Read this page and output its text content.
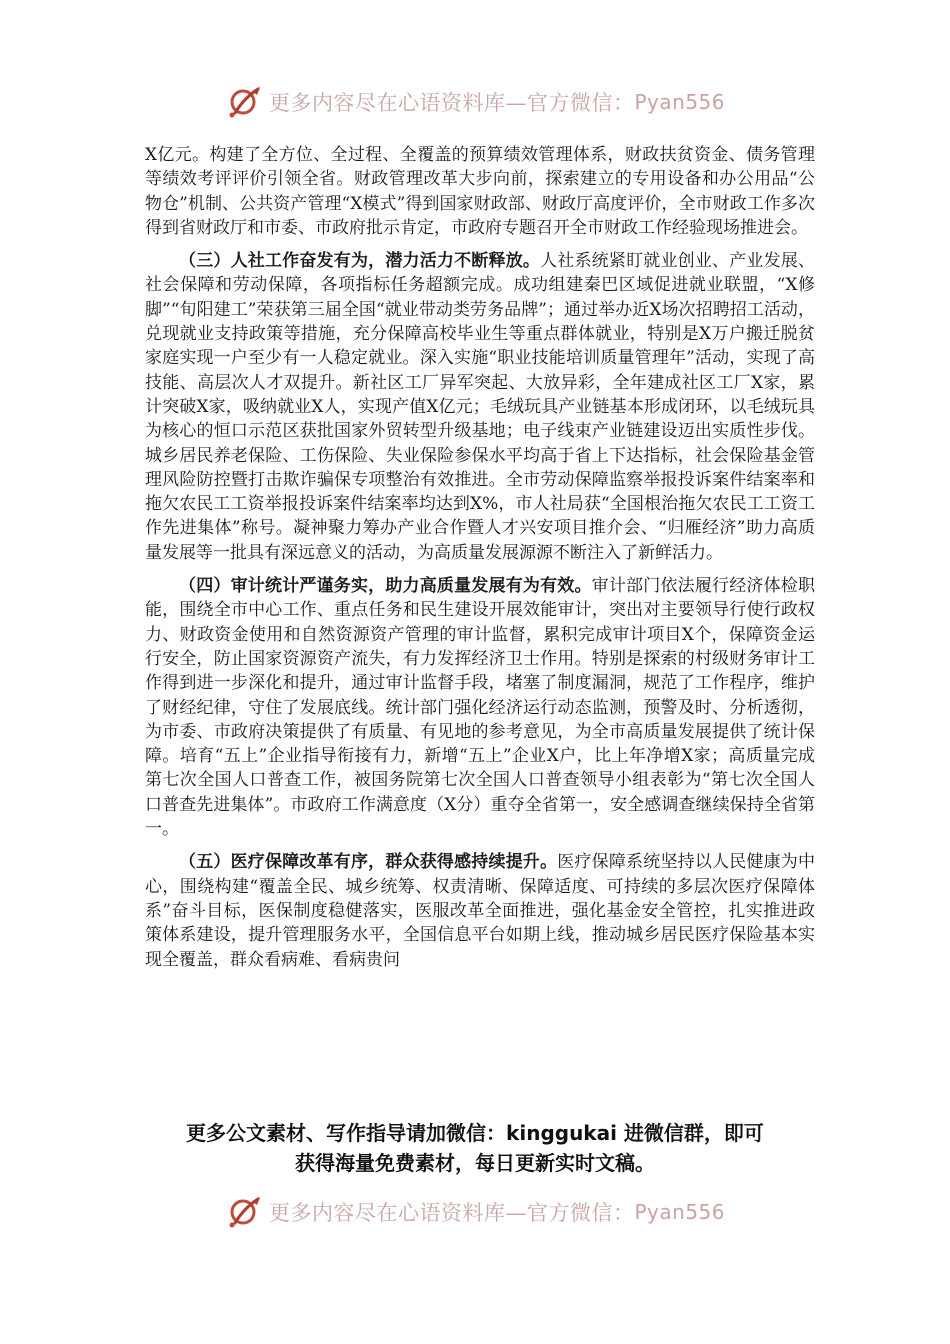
更多内容尽在心语资料库—官方微信： Pyan556

X亿元。构建了全方位、全过程、全覆盖的预算绩效管理体系，财政扶贫资金、债务管理等绩效考评评价引领全省。财政管理改革大步向前，探索建立的专用设备和办公用品“公物仓”机制、公共资产管理“X模式”得到国家财政部、财政厅高度评价，全市财政工作多次得到省财政厅和市委、市政府批示肯定，市政府专题召开全市财政工作经验现场推进会。

（三）人社工作奋发有为，潜力活力不断释放。人社系统紧盯就业创业、产业发展、社会保障和劳动保障，各项指标任务超额完成。成功组建秦巴区域促进就业联盟，“X修脚”“旬阳建工”荣获第三届全国“就业带动类劳务品牌”；通过举办近X场次招聘招工活动，兑现就业支持政策等措施，充分保障高校毕业生等重点群体就业，特别是X万户搬迁脱贫家庭实现一户至少有一人稳定就业。深入实施“职业技能培训质量管理年”活动，实现了高技能、高层次人才双提升。新社区工厂异军突起、大放异彩，全年建成社区工厂X家，累计突破X家，吸纳就业X人，实现产值X亿元；毛绒玩具产业链基本形成闭环，以毛绒玩具为核心的恒口示范区获批国家外贸转型升级基地；电子线束产业链建设迈出实质性步伐。城乡居民养老保险、工伤保险、失业保险参保水平均高于省上下达指标，社会保险基金管理风险防控暨打击欺诈骗保专项整治有效推进。全市劳动保障监察举报投诉案件结案率和拖欠农民工工资举报投诉案件结案率均达到X%，市人社局获“全国根治拖欠农民工工资工作先进集体”称号。凝神聚力筹办产业合作暨人才兴安项目推介会、“归雁经济”助力高质量发展等一批具有深远意义的活动，为高质量发展源源不断注入了新鲜活力。

（四）审计统计严谨务实，助力高质量发展有为有效。审计部门依法履行经济体检职能，围绕全市中心工作、重点任务和民生建设开展效能审计，突出对主要领导行使行政权力、财政资金使用和自然资源资产管理的审计监督，累积完成审计项目X个，保障资金运行安全，防止国家资源资产流失，有力发挥经济卫士作用。特别是探索的村级财务审计工作得到进一步深化和提升，通过审计监督手段，堵塞了制度漏洞，规范了工作程序，维护了财经纪律，守住了发展底线。统计部门强化经济运行动态监测，预警及时、分析透彻，为市委、市政府决策提供了有质量、有见地的参考意见，为全市高质量发展提供了统计保障。培育“五上”企业指导衔接有力，新增“五上”企业X户，比上年净增X家；高质量完成第七次全国人口普查工作，被国务院第七次全国人口普查领导小组表彰为“第七次全国人口普查先进集体”。市政府工作满意度（X分）重夺全省第一，安全感调查继续保持全省第一。

（五）医疗保障改革有序，群众获得感持续提升。医疗保障系统坚持以人民健康为中心，围绕构建“覆盖全民、城乡统筹、权责清晰、保障适度、可持续的多层次医疗保障体系”奋斗目标，医保制度稳健落实，医服改革全面推进，强化基金安全管控，扎实推进政策体系建设，提升管理服务水平，全国信息平台如期上线，推动城乡居民医疗保险基本实现全覆盖，群众看病难、看病贵问

更多公文素材、写作指导请加微信：kinggukai 进微信群，即可
获得海量免费素材，每日更新实时文稿。
更多内容尽在心语资料库—官方微信： Pyan556
